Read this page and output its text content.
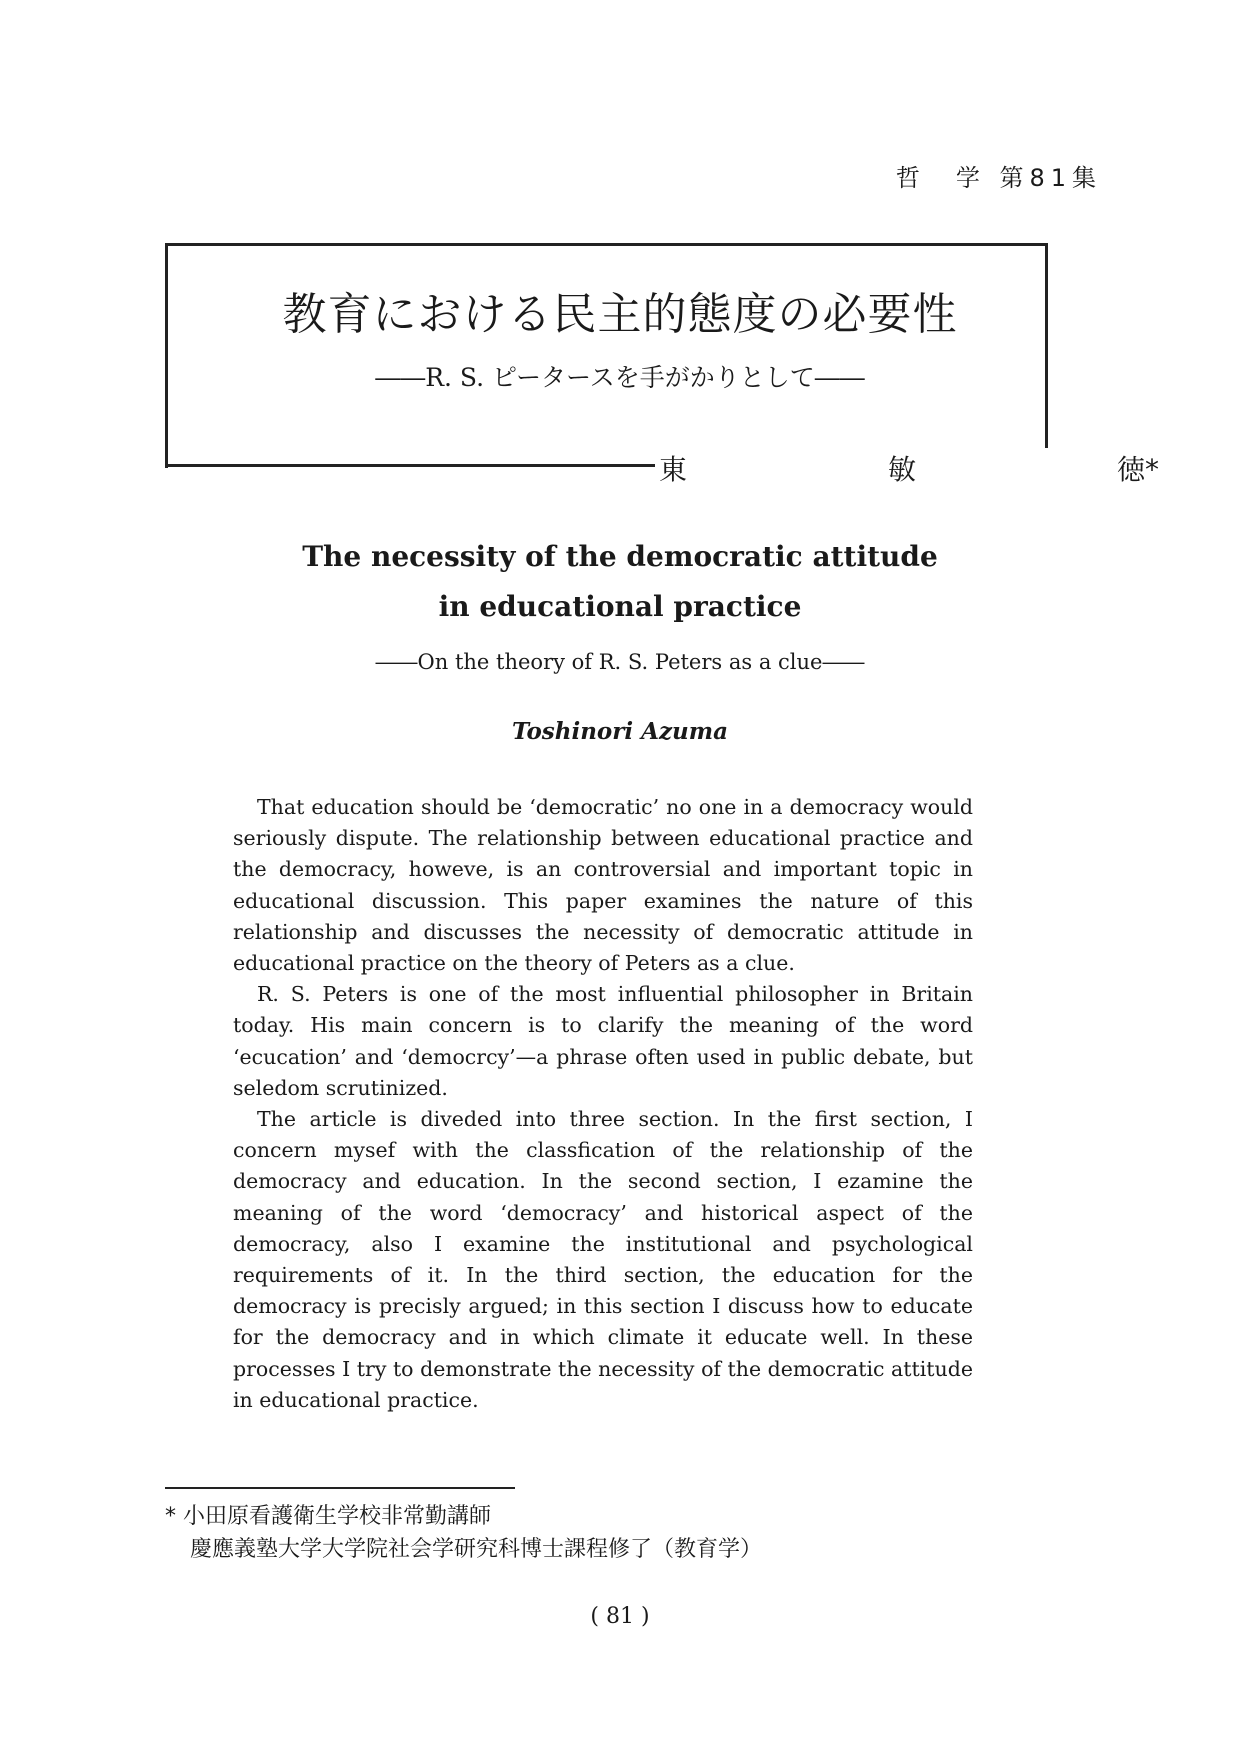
哲　学 第81集
教育における民主的態度の必要性
――R. S. ピータースを手がかりとして――
東	敏	徳*
The necessity of the democratic attitude
in educational practice
――On the theory of R. S. Peters as a clue――
Toshinori Azuma

That education should be ‘democratic’ no one in a democracy would seriously dispute. The relationship between educational practice and the democracy, howeve, is an controversial and important topic in educational discussion. This paper examines the nature of this relationship and discusses the necessity of democratic attitude in educational practice on the theory of Peters as a clue.

R. S. Peters is one of the most influential philosopher in Britain today. His main concern is to clarify the meaning of the word ‘ecucation’ and ‘democrcy’—a phrase often used in public debate, but seledom scrutinized.

The article is diveded into three section. In the first section, I concern mysef with the classfication of the relationship of the democracy and education. In the second section, I ezamine the meaning of the word ‘democracy’ and historical aspect of the democracy, also I examine the institutional and psychological requirements of it. In the third section, the education for the democracy is precisly argued; in this section I discuss how to educate for the democracy and in which climate it educate well. In these processes I try to demonstrate the necessity of the democratic attitude in educational practice.

* 小田原看護衛生学校非常勤講師
慶應義塾大学大学院社会学研究科博士課程修了（教育学）
( 81 )
